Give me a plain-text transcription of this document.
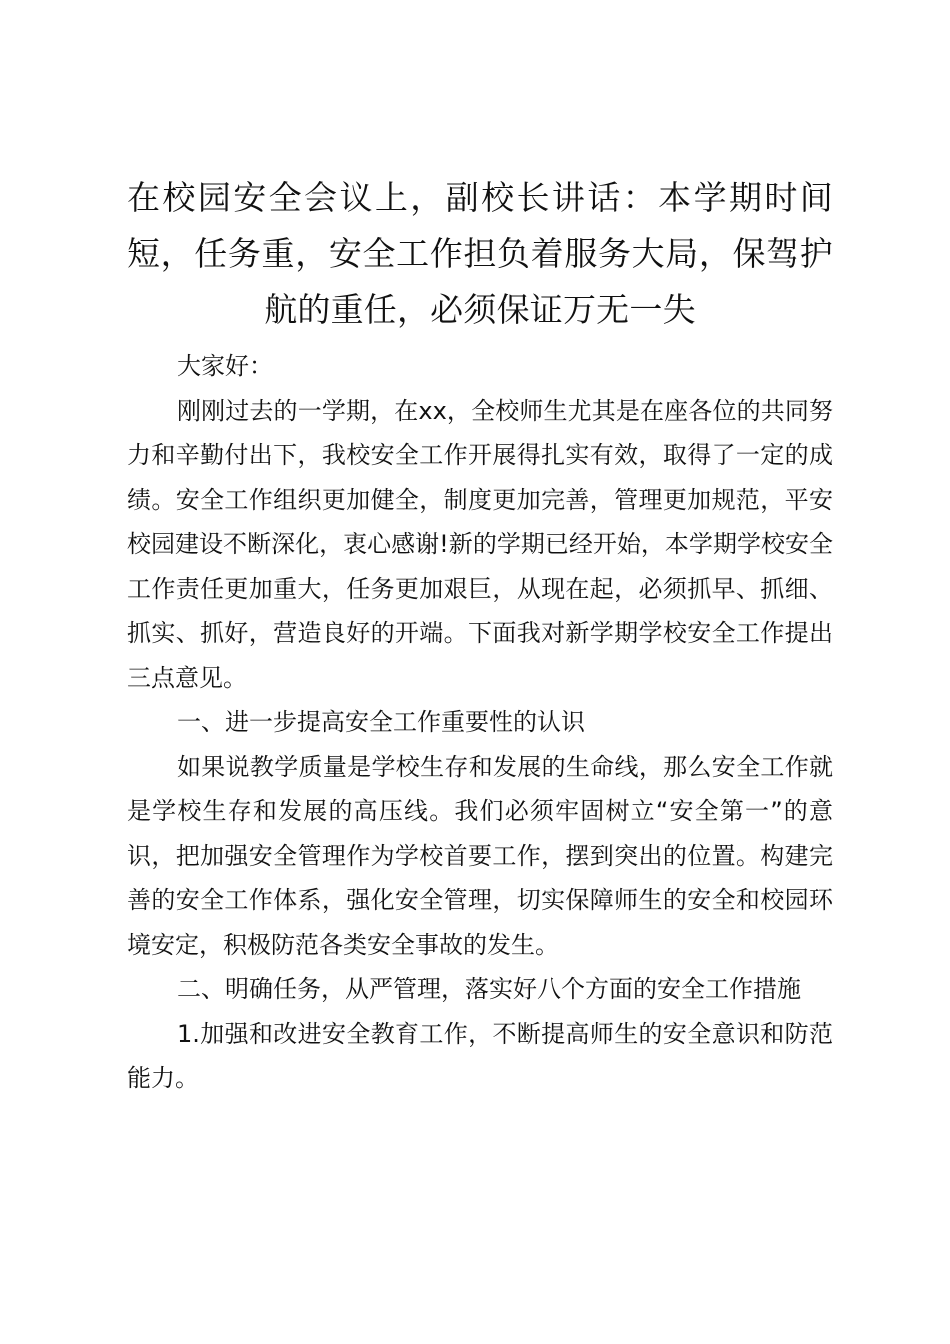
在校园安全会议上，副校长讲话：本学期时间短，任务重，安全工作担负着服务大局，保驾护航的重任，必须保证万无一失

大家好：

刚刚过去的一学期，在xx，全校师生尤其是在座各位的共同努力和辛勤付出下，我校安全工作开展得扎实有效，取得了一定的成绩。安全工作组织更加健全，制度更加完善，管理更加规范，平安校园建设不断深化，衷心感谢!新的学期已经开始，本学期学校安全工作责任更加重大，任务更加艰巨，从现在起，必须抓早、抓细、抓实、抓好，营造良好的开端。下面我对新学期学校安全工作提出三点意见。

一、进一步提高安全工作重要性的认识

如果说教学质量是学校生存和发展的生命线，那么安全工作就是学校生存和发展的高压线。我们必须牢固树立“安全第一”的意识，把加强安全管理作为学校首要工作，摆到突出的位置。构建完善的安全工作体系，强化安全管理，切实保障师生的安全和校园环境安定，积极防范各类安全事故的发生。

二、明确任务，从严管理，落实好八个方面的安全工作措施

1.加强和改进安全教育工作，不断提高师生的安全意识和防范能力。
